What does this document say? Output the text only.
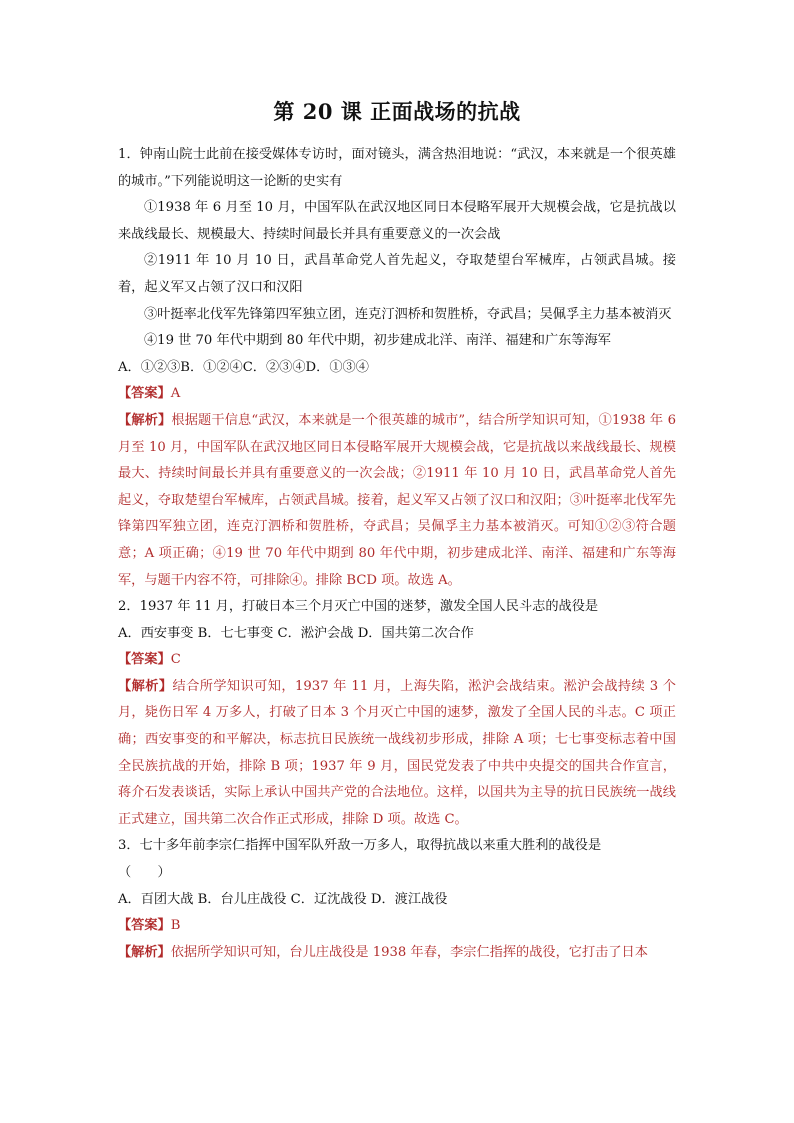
第 20 课 正面战场的抗战

1．钟南山院士此前在接受媒体专访时，面对镜头，满含热泪地说：“武汉，本来就是一个很英雄的城市。”下列能说明这一论断的史实有

①1938 年 6 月至 10 月，中国军队在武汉地区同日本侵略军展开大规模会战，它是抗战以来战线最长、规模最大、持续时间最长并具有重要意义的一次会战

②1911 年 10 月 10 日，武昌革命党人首先起义，夺取楚望台军械库，占领武昌城。接着，起义军又占领了汉口和汉阳

③叶挺率北伐军先锋第四军独立团，连克汀泗桥和贺胜桥，夺武昌；吴佩孚主力基本被消灭

④19 世 70 年代中期到 80 年代中期，初步建成北洋、南洋、福建和广东等海军

A．①②③B．①②④C．②③④D．①③④

【答案】A

【解析】根据题干信息“武汉，本来就是一个很英雄的城市”，结合所学知识可知，①1938 年 6 月至 10 月，中国军队在武汉地区同日本侵略军展开大规模会战，它是抗战以来战线最长、规模最大、持续时间最长并具有重要意义的一次会战；②1911 年 10 月 10 日，武昌革命党人首先起义，夺取楚望台军械库，占领武昌城。接着，起义军又占领了汉口和汉阳；③叶挺率北伐军先锋第四军独立团，连克汀泗桥和贺胜桥，夺武昌；吴佩孚主力基本被消灭。可知①②③符合题意；A 项正确；④19 世 70 年代中期到 80 年代中期，初步建成北洋、南洋、福建和广东等海军，与题干内容不符，可排除④。排除 BCD 项。故选 A。

2．1937 年 11 月，打破日本三个月灭亡中国的迷梦，激发全国人民斗志的战役是

A．西安事变 B．七七事变 C．淞沪会战 D．国共第二次合作

【答案】C

【解析】结合所学知识可知，1937 年 11 月，上海失陷，淞沪会战结束。淞沪会战持续 3 个月，毙伤日军 4 万多人，打破了日本 3 个月灭亡中国的速梦，激发了全国人民的斗志。C 项正确；西安事变的和平解决，标志抗日民族统一战线初步形成，排除 A 项；七七事变标志着中国全民族抗战的开始，排除 B 项；1937 年 9 月，国民党发表了中共中央提交的国共合作宣言，蒋介石发表谈话，实际上承认中国共产党的合法地位。这样，以国共为主导的抗日民族统一战线正式建立，国共第二次合作正式形成，排除 D 项。故选 C。

3．七十多年前李宗仁指挥中国军队歼敌一万多人，取得抗战以来重大胜利的战役是

（　　）

A．百团大战 B．台儿庄战役 C．辽沈战役 D．渡江战役

【答案】B

【解析】依据所学知识可知，台儿庄战役是 1938 年春，李宗仁指挥的战役，它打击了日本
